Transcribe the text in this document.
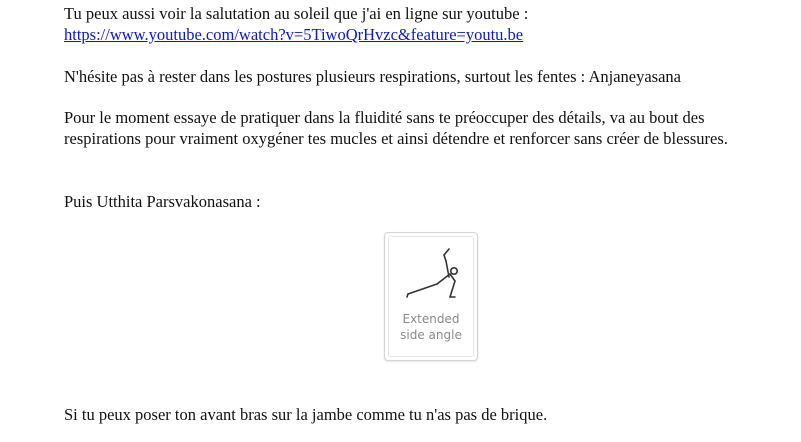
Tu peux aussi voir la salutation au soleil que j'ai en ligne sur youtube :
https://www.youtube.com/watch?v=5TiwoQrHvzc&feature=youtu.be
N'hésite pas à rester dans les postures plusieurs respirations, surtout les fentes : Anjaneyasana
Pour le moment essaye de pratiquer dans la fluidité sans te préoccuper des détails, va au bout des respirations pour vraiment oxygéner tes mucles et ainsi détendre et renforcer sans créer de blessures.
Puis Utthita Parsvakonasana :
Si tu peux poser ton avant bras sur la jambe comme tu n'as pas de brique.
Extended
side angle
